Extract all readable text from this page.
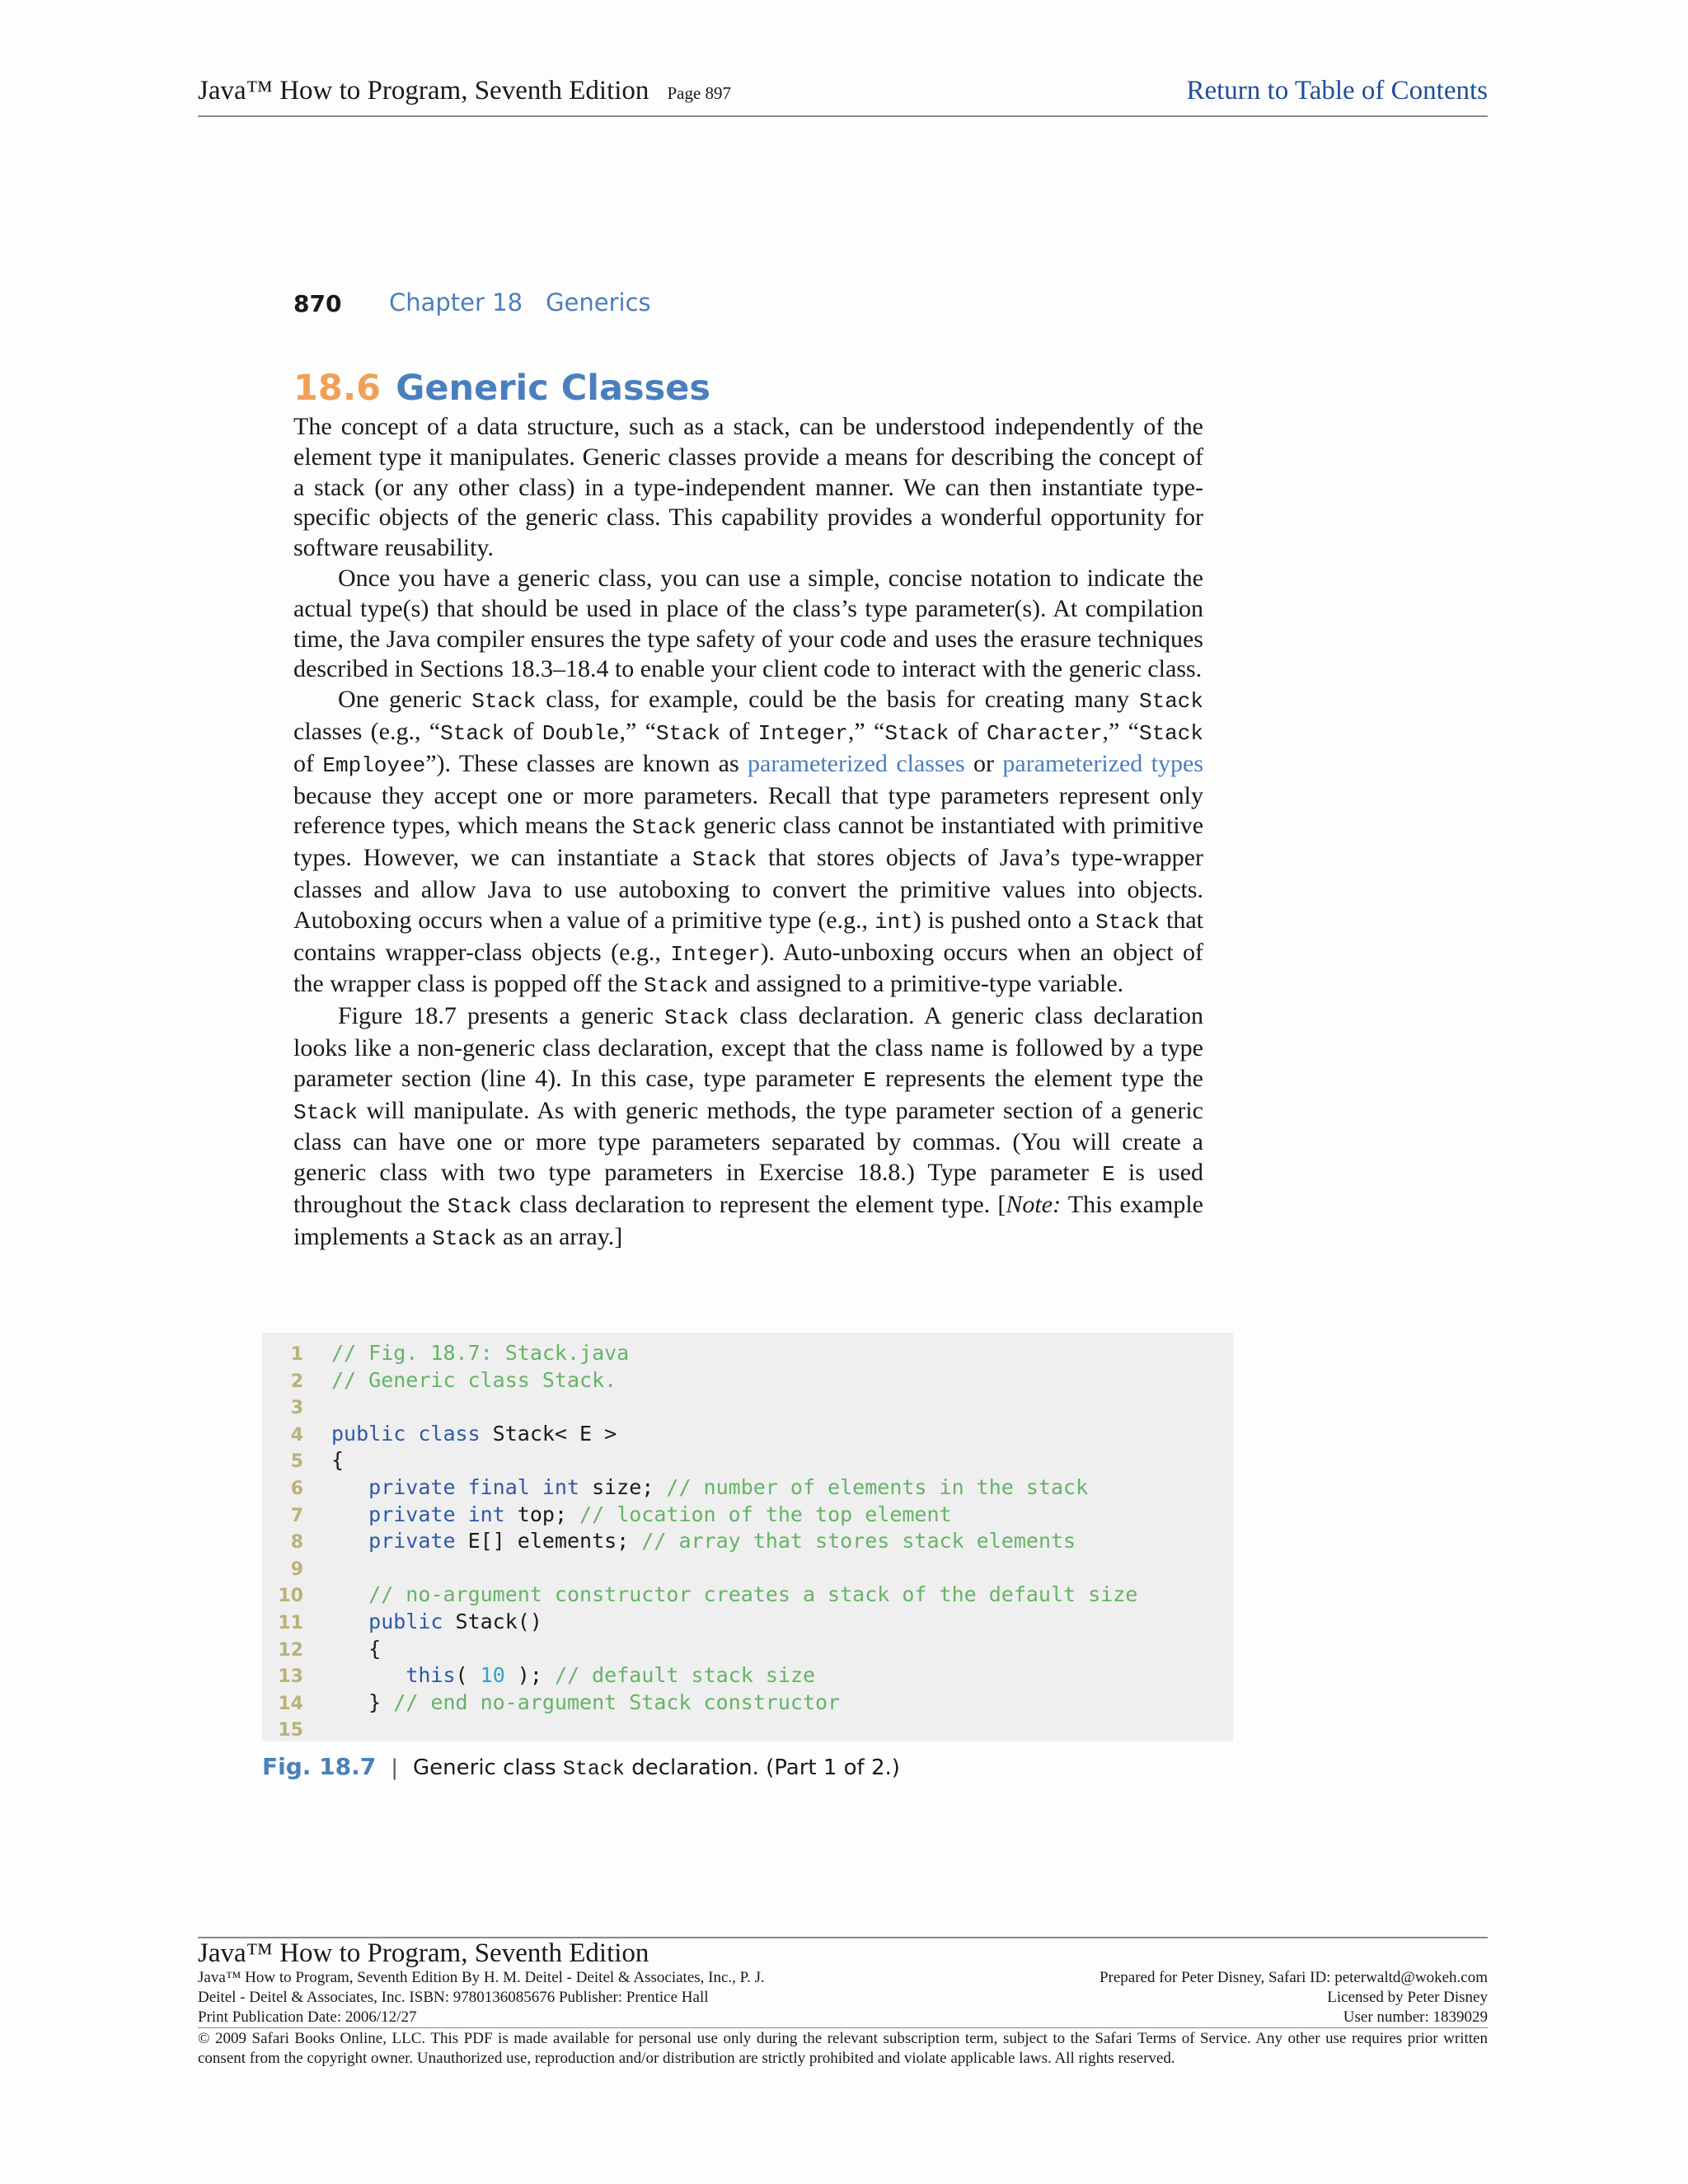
Java™ How to Program, Seventh Edition Page 897	Return to Table of Contents
870 Chapter 18 Generics
18.6 Generic Classes

The concept of a data structure, such as a stack, can be understood independently of the element type it manipulates. Generic classes provide a means for describing the concept of a stack (or any other class) in a type-independent manner. We can then instantiate type-specific objects of the generic class. This capability provides a wonderful opportunity for software reusability.

Once you have a generic class, you can use a simple, concise notation to indicate the actual type(s) that should be used in place of the class’s type parameter(s). At compilation time, the Java compiler ensures the type safety of your code and uses the erasure techniques described in Sections 18.3–18.4 to enable your client code to interact with the generic class.

One generic Stack class, for example, could be the basis for creating many Stack classes (e.g., “Stack of Double,” “Stack of Integer,” “Stack of Character,” “Stack of Employee”). These classes are known as parameterized classes or parameterized types because they accept one or more parameters. Recall that type parameters represent only reference types, which means the Stack generic class cannot be instantiated with primitive types. However, we can instantiate a Stack that stores objects of Java’s type-wrapper classes and allow Java to use autoboxing to convert the primitive values into objects. Autoboxing occurs when a value of a primitive type (e.g., int) is pushed onto a Stack that contains wrapper-class objects (e.g., Integer). Auto-unboxing occurs when an object of the wrapper class is popped off the Stack and assigned to a primitive-type variable.

Figure 18.7 presents a generic Stack class declaration. A generic class declaration looks like a non-generic class declaration, except that the class name is followed by a type parameter section (line 4). In this case, type parameter E represents the element type the Stack will manipulate. As with generic methods, the type parameter section of a generic class can have one or more type parameters separated by commas. (You will create a generic class with two type parameters in Exercise 18.8.) Type parameter E is used throughout the Stack class declaration to represent the element type. [Note: This example implements a Stack as an array.]

1 // Fig. 18.7: Stack.java
2 // Generic class Stack.
3
4 public class Stack< E >
5 {
6	private final int size; // number of elements in the stack
7	private int top; // location of the top element
8	private E[] elements; // array that stores stack elements
9
10	// no-argument constructor creates a stack of the default size
11	public Stack()
12	{
13	this( 10 ); // default stack size
14	} // end no-argument Stack constructor
15
Fig. 18.7 | Generic class Stack declaration. (Part 1 of 2.)
Java™ How to Program, Seventh Edition
Java™ How to Program, Seventh Edition By H. M. Deitel - Deitel & Associates, Inc., P. J.
Deitel - Deitel & Associates, Inc. ISBN: 9780136085676 Publisher: Prentice Hall
Print Publication Date: 2006/12/27
Prepared for Peter Disney, Safari ID: peterwaltd@wokeh.com
Licensed by Peter Disney
User number: 1839029
© 2009 Safari Books Online, LLC. This PDF is made available for personal use only during the relevant subscription term, subject to the Safari Terms of Service. Any other use requires prior written consent from the copyright owner. Unauthorized use, reproduction and/or distribution are strictly prohibited and violate applicable laws. All rights reserved.
